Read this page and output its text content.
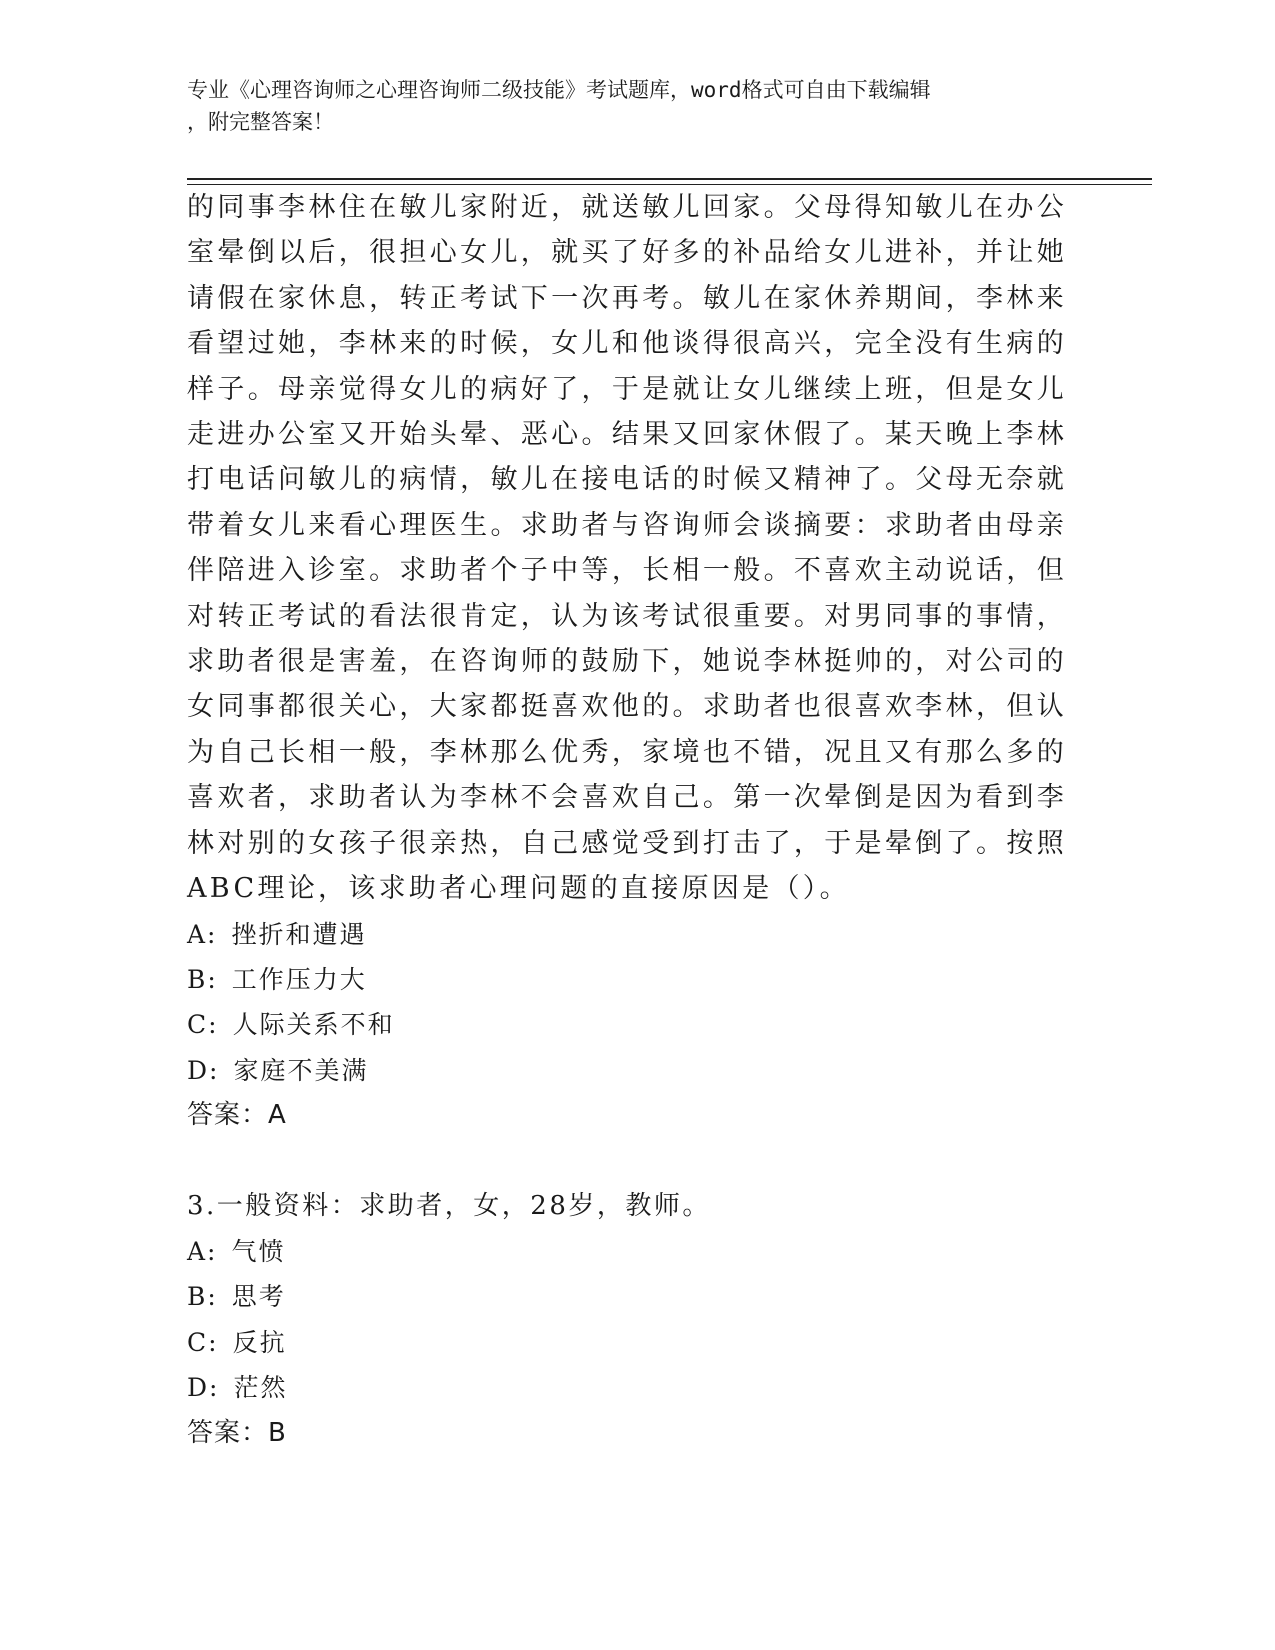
专业《心理咨询师之心理咨询师二级技能》考试题库，word格式可自由下载编辑
，附完整答案！

的同事李林住在敏儿家附近，就送敏儿回家。父母得知敏儿在办公室晕倒以后，很担心女儿，就买了好多的补品给女儿进补，并让她请假在家休息，转正考试下一次再考。敏儿在家休养期间，李林来看望过她，李林来的时候，女儿和他谈得很高兴，完全没有生病的样子。母亲觉得女儿的病好了，于是就让女儿继续上班，但是女儿走进办公室又开始头晕、恶心。结果又回家休假了。某天晚上李林打电话问敏儿的病情，敏儿在接电话的时候又精神了。父母无奈就带着女儿来看心理医生。求助者与咨询师会谈摘要：求助者由母亲伴陪进入诊室。求助者个子中等，长相一般。不喜欢主动说话，但对转正考试的看法很肯定，认为该考试很重要。对男同事的事情，求助者很是害羞，在咨询师的鼓励下，她说李林挺帅的，对公司的女同事都很关心，大家都挺喜欢他的。求助者也很喜欢李林，但认为自己长相一般，李林那么优秀，家境也不错，况且又有那么多的喜欢者，求助者认为李林不会喜欢自己。第一次晕倒是因为看到李林对别的女孩子很亲热，自己感觉受到打击了，于是晕倒了。按照ABC理论，该求助者心理问题的直接原因是（）。

A: 挫折和遭遇

B: 工作压力大

C: 人际关系不和

D: 家庭不美满

答案：A

3.一般资料：求助者，女，28岁，教师。

A: 气愤

B: 思考

C: 反抗

D: 茫然

答案：B
